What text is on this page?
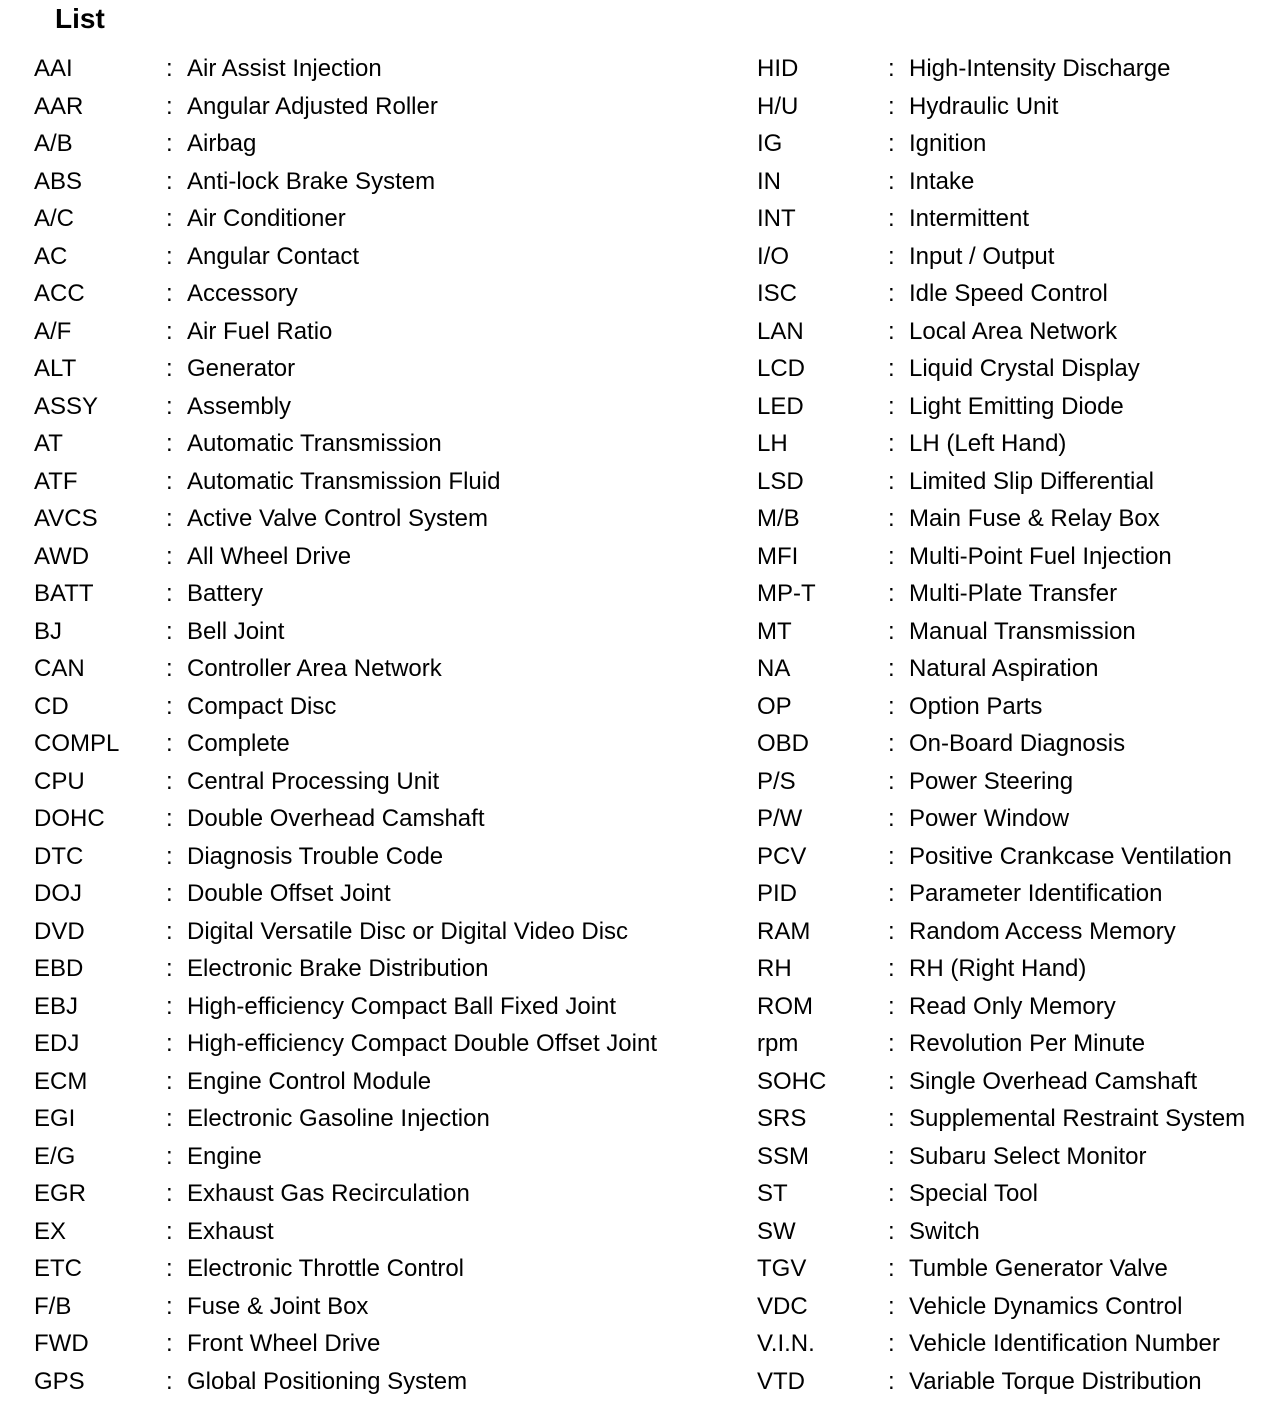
List
AAI	: Air Assist Injection
AAR	: Angular Adjusted Roller
A/B	: Airbag
ABS	: Anti-lock Brake System
A/C	: Air Conditioner
AC	: Angular Contact
ACC	: Accessory
A/F	: Air Fuel Ratio
ALT	: Generator
ASSY	: Assembly
AT	: Automatic Transmission
ATF	: Automatic Transmission Fluid
AVCS	: Active Valve Control System
AWD	: All Wheel Drive
BATT	: Battery
BJ	: Bell Joint
CAN	: Controller Area Network
CD	: Compact Disc
COMPL : Complete
CPU	: Central Processing Unit
DOHC	: Double Overhead Camshaft
DTC	: Diagnosis Trouble Code
DOJ	: Double Offset Joint
DVD	: Digital Versatile Disc or Digital Video Disc
EBD	: Electronic Brake Distribution
EBJ	: High-efficiency Compact Ball Fixed Joint
EDJ	: High-efficiency Compact Double Offset Joint
ECM	: Engine Control Module
EGI	: Electronic Gasoline Injection
E/G	: Engine
EGR	: Exhaust Gas Recirculation
EX	: Exhaust
ETC	: Electronic Throttle Control
F/B	: Fuse & Joint Box
FWD	: Front Wheel Drive
GPS	: Global Positioning System
HID	: High-Intensity Discharge
H/U	: Hydraulic Unit
IG	: Ignition
IN	: Intake
INT	: Intermittent
I/O	: Input / Output
ISC	: Idle Speed Control
LAN	: Local Area Network
LCD	: Liquid Crystal Display
LED	: Light Emitting Diode
LH	: LH (Left Hand)
LSD	: Limited Slip Differential
M/B	: Main Fuse & Relay Box
MFI	: Multi-Point Fuel Injection
MP-T	: Multi-Plate Transfer
MT	: Manual Transmission
NA	: Natural Aspiration
OP	: Option Parts
OBD	: On-Board Diagnosis
P/S	: Power Steering
P/W	: Power Window
PCV	: Positive Crankcase Ventilation
PID	: Parameter Identification
RAM	: Random Access Memory
RH	: RH (Right Hand)
ROM	: Read Only Memory
rpm	: Revolution Per Minute
SOHC	: Single Overhead Camshaft
SRS	: Supplemental Restraint System
SSM	: Subaru Select Monitor
ST	: Special Tool
SW	: Switch
TGV	: Tumble Generator Valve
VDC	: Vehicle Dynamics Control
V.I.N.	: Vehicle Identification Number
VTD	: Variable Torque Distribution
